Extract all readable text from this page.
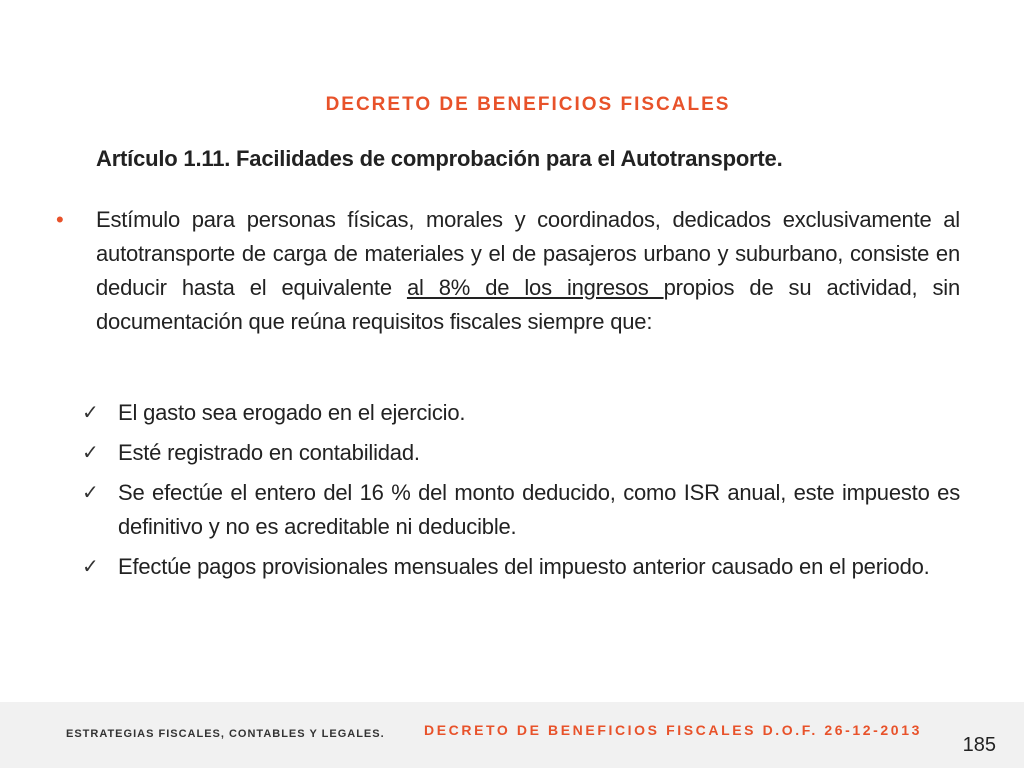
DECRETO DE BENEFICIOS FISCALES
Artículo 1.11. Facilidades de comprobación para el Autotransporte.
• Estímulo para personas físicas, morales y coordinados, dedicados exclusivamente al autotransporte de carga de materiales y el de pasajeros urbano y suburbano, consiste en deducir hasta el equivalente al 8% de los ingresos propios de su actividad, sin documentación que reúna requisitos fiscales siempre que:
✓ El gasto sea erogado en el ejercicio.
✓ Esté registrado en contabilidad.
✓ Se efectúe el entero del 16 % del monto deducido, como ISR anual, este impuesto es definitivo y no es acreditable ni deducible.
✓ Efectúe pagos provisionales mensuales del impuesto anterior causado en el periodo.
ESTRATEGIAS FISCALES, CONTABLES Y LEGALES.	DECRETO DE BENEFICIOS FISCALES D.O.F. 26-12-2013
185
